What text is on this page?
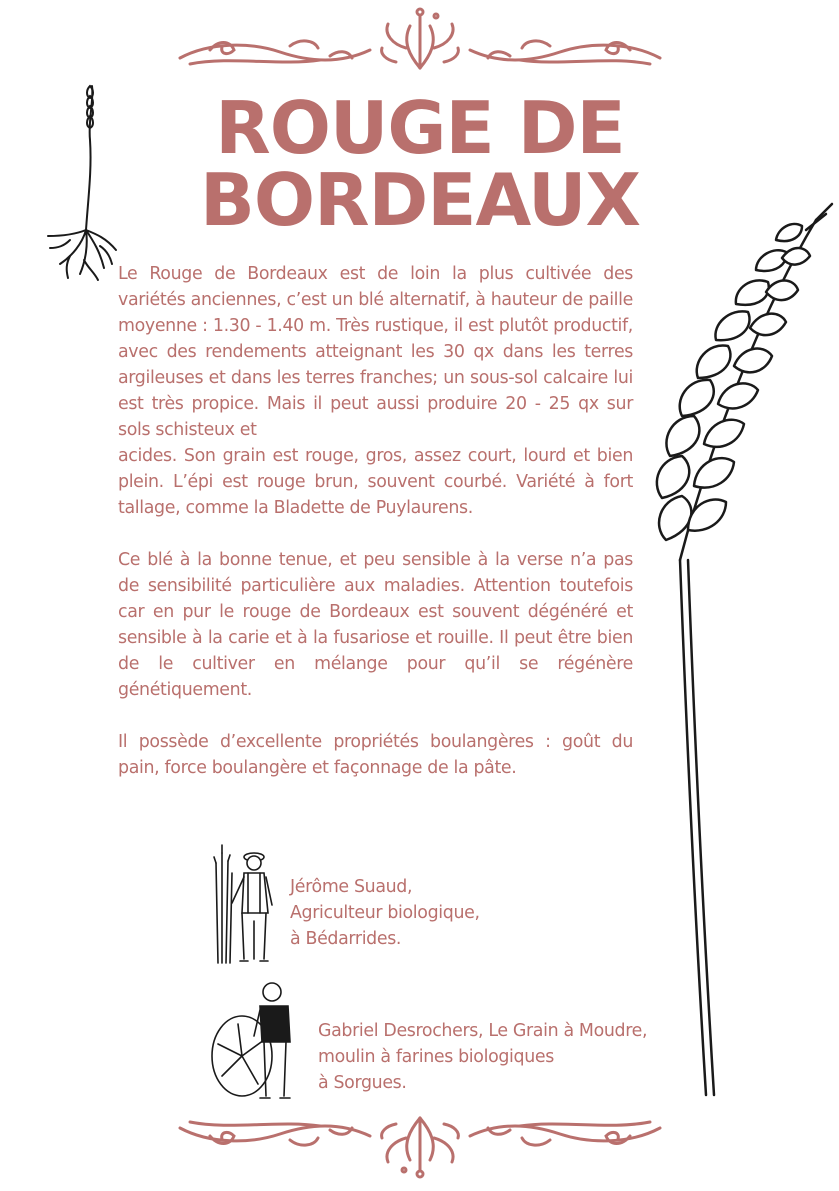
ROUGE DE
BORDEAUX

Le Rouge de Bordeaux est de loin la plus cultivée des variétés anciennes, c’est un blé alternatif, à hauteur de paille moyenne : 1.30 - 1.40 m. Très rustique, il est plutôt productif, avec des rendements atteignant les 30 qx dans les terres argileuses et dans les terres franches; un sous-sol calcaire lui est très propice. Mais il peut aussi produire 20 - 25 qx sur sols schisteux et
acides. Son grain est rouge, gros, assez court, lourd et bien plein. L’épi est rouge brun, souvent courbé. Variété à fort tallage, comme la Bladette de Puylaurens.

Ce blé à la bonne tenue, et peu sensible à la verse n’a pas de sensibilité particulière aux maladies. Attention toutefois car en pur le rouge de Bordeaux est souvent dégénéré et sensible à la carie et à la fusariose et rouille. Il peut être bien de le cultiver en mélange pour qu’il se régénère génétiquement.

Il possède d’excellente propriétés boulangères : goût du pain, force boulangère et façonnage de la pâte.

Jérôme Suaud,
Agriculteur biologique,
à Bédarrides.
Gabriel Desrochers, Le Grain à Moudre,
moulin à farines biologiques
à Sorgues.
